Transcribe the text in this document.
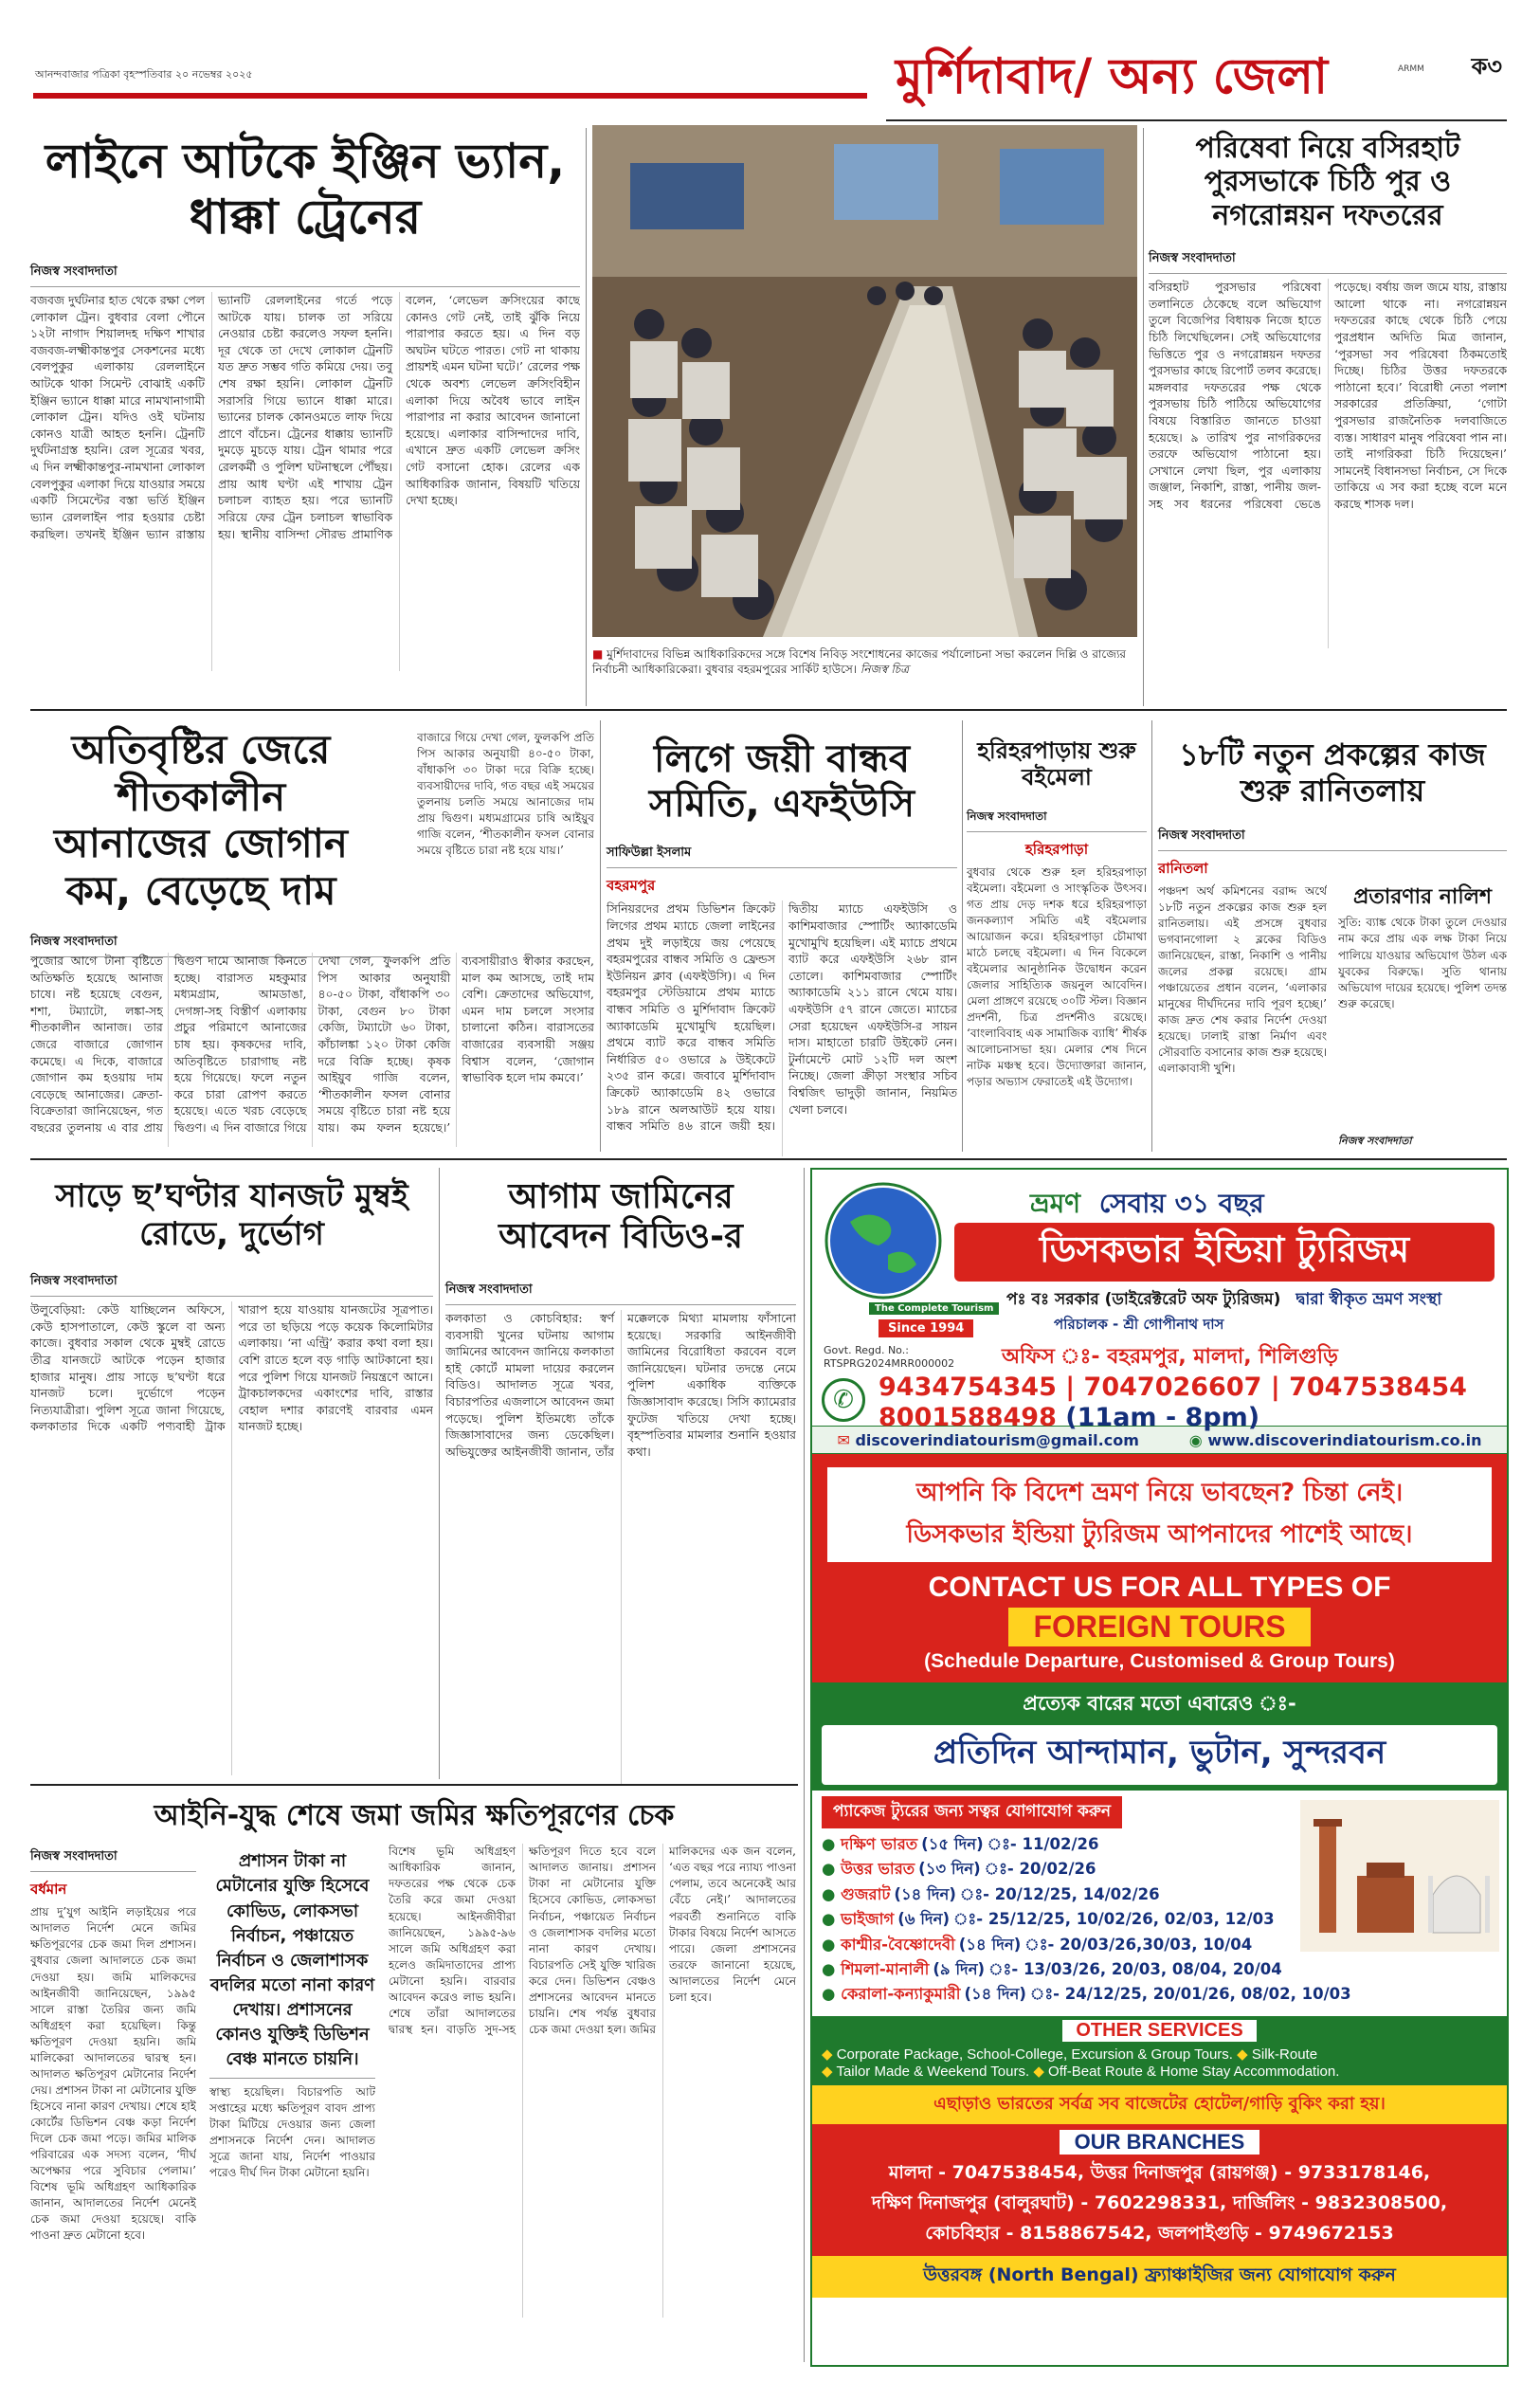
আনন্দবাজার পত্রিকা বৃহস্পতিবার ২০ নভেম্বর ২০২৫	মুর্শিদাবাদ/ অন্য জেলা	ARMM ক৩
লাইনে আটকে ইঞ্জিন ভ্যান, ধাক্কা ট্রেনের
নিজস্ব সংবাদদাতা
বজবজ দুর্ঘটনার হাত থেকে রক্ষা পেল লোকাল ট্রেন। বুধবার বেলা পৌনে ১২টা নাগাদ শিয়ালদহ দক্ষিণ শাখার বজবজ-লক্ষ্মীকান্তপুর সেকশনের মধ্যে বেলপুকুর এলাকায় রেললাইনে আটকে থাকা সিমেন্ট বোঝাই একটি ইঞ্জিন ভ্যানে ধাক্কা মারে নামখানাগামী লোকাল ট্রেন। যদিও ওই ঘটনায় কোনও যাত্রী আহত হননি। ট্রেনটি দুর্ঘটনাগ্রস্ত হয়নি। রেল সূত্রের খবর, এ দিন লক্ষ্মীকান্তপুর-নামখানা লোকাল বেলপুকুর এলাকা দিয়ে যাওয়ার সময়ে একটি সিমেন্টের বস্তা ভর্তি ইঞ্জিন ভ্যান রেললাইন পার হওয়ার চেষ্টা করছিল। তখনই ইঞ্জিন ভ্যান রাস্তায় ভ্যানটি রেললাইনের গর্তে পড়ে আটকে যায়। চালক তা সরিয়ে নেওয়ার চেষ্টা করলেও সফল হননি। দূর থেকে তা দেখে লোকাল ট্রেনটি যত দ্রুত সম্ভব গতি কমিয়ে দেয়। তবু শেষ রক্ষা হয়নি। লোকাল ট্রেনটি সরাসরি গিয়ে ভ্যানে ধাক্কা মারে। ভ্যানের চালক কোনওমতে লাফ দিয়ে প্রাণে বাঁচেন। ট্রেনের ধাক্কায় ভ্যানটি দুমড়ে মুচড়ে যায়। ট্রেন থামার পরে রেলকর্মী ও পুলিশ ঘটনাস্থলে পৌঁছয়। প্রায় আধ ঘণ্টা এই শাখায় ট্রেন চলাচল ব্যাহত হয়। পরে ভ্যানটি সরিয়ে ফের ট্রেন চলাচল স্বাভাবিক হয়। স্থানীয় বাসিন্দা সৌরভ প্রামাণিক বলেন, ‘লেভেল ক্রসিংয়ের কাছে কোনও গেট নেই, তাই ঝুঁকি নিয়ে পারাপার করতে হয়। এ দিন বড় অঘটন ঘটতে পারত। গেট না থাকায় প্রায়শই এমন ঘটনা ঘটে।’ রেলের পক্ষ থেকে অবশ্য লেভেল ক্রসিংবিহীন এলাকা দিয়ে অবৈধ ভাবে লাইন পারাপার না করার আবেদন জানানো হয়েছে। এলাকার বাসিন্দাদের দাবি, এখানে দ্রুত একটি লেভেল ক্রসিং গেট বসানো হোক। রেলের এক আধিকারিক জানান, বিষয়টি খতিয়ে দেখা হচ্ছে।
■ মুর্শিদাবাদের বিভিন্ন আধিকারিকদের সঙ্গে বিশেষ নিবিড় সংশোধনের কাজের পর্যালোচনা সভা করলেন দিল্লি ও রাজ্যের নির্বাচনী আধিকারিকেরা। বুধবার বহরমপুরের সার্কিট হাউসে। নিজস্ব চিত্র
পরিষেবা নিয়ে বসিরহাট পুরসভাকে চিঠি পুর ও নগরোন্নয়ন দফতরের
নিজস্ব সংবাদদাতা
বসিরহাট পুরসভার পরিষেবা তলানিতে ঠেকেছে বলে অভিযোগ তুলে বিজেপির বিধায়ক নিজে হাতে চিঠি লিখেছিলেন। সেই অভিযোগের ভিত্তিতে পুর ও নগরোন্নয়ন দফতর পুরসভার কাছে রিপোর্ট তলব করেছে। মঙ্গলবার দফতরের পক্ষ থেকে পুরসভায় চিঠি পাঠিয়ে অভিযোগের বিষয়ে বিস্তারিত জানতে চাওয়া হয়েছে। ৯ তারিখ পুর নাগরিকদের তরফে অভিযোগ পাঠানো হয়। সেখানে লেখা ছিল, পুর এলাকায় জঞ্জাল, নিকাশি, রাস্তা, পানীয় জল-সহ সব ধরনের পরিষেবা ভেঙে পড়েছে। বর্ষায় জল জমে যায়, রাস্তায় আলো থাকে না। নগরোন্নয়ন দফতরের কাছে থেকে চিঠি পেয়ে পুরপ্রধান অদিতি মিত্র জানান, ‘পুরসভা সব পরিষেবা ঠিকমতোই দিচ্ছে। চিঠির উত্তর দফতরকে পাঠানো হবে।’ বিরোধী নেতা পলাশ সরকারের প্রতিক্রিয়া, ‘গোটা পুরসভার রাজনৈতিক দলবাজিতে ব্যস্ত। সাধারণ মানুষ পরিষেবা পান না। তাই নাগরিকরা চিঠি দিয়েছেন।’ সামনেই বিধানসভা নির্বাচন, সে দিকে তাকিয়ে এ সব করা হচ্ছে বলে মনে করছে শাসক দল।
অতিবৃষ্টির জেরে শীতকালীন আনাজের জোগান কম, বেড়েছে দাম
নিজস্ব সংবাদদাতা
পুজোর আগে টানা বৃষ্টিতে অতিক্ষতি হয়েছে আনাজ চাষে। নষ্ট হয়েছে বেগুন, শশা, টম্যাটো, লঙ্কা-সহ শীতকালীন আনাজ। তার জেরে বাজারে জোগান কমেছে। এ দিকে, বাজারে জোগান কম হওয়ায় দাম বেড়েছে আনাজের। ক্রেতা-বিক্রেতারা জানিয়েছেন, গত বছরের তুলনায় এ বার প্রায় দ্বিগুণ দামে আনাজ কিনতে হচ্ছে। বারাসত মহকুমার মধ্যমগ্রাম, আমডাঙা, দেগঙ্গা-সহ বিস্তীর্ণ এলাকায় প্রচুর পরিমাণে আনাজের চাষ হয়। কৃষকদের দাবি, অতিবৃষ্টিতে চারাগাছ নষ্ট হয়ে গিয়েছে। ফলে নতুন করে চারা রোপণ করতে হয়েছে। এতে খরচ বেড়েছে দ্বিগুণ। এ দিন বাজারে গিয়ে দেখা গেল, ফুলকপি প্রতি পিস আকার অনুযায়ী ৪০-৫০ টাকা, বাঁধাকপি ৩০ টাকা, বেগুন ৮০ টাকা কেজি, টম্যাটো ৬০ টাকা, কাঁচালঙ্কা ১২০ টাকা কেজি দরে বিক্রি হচ্ছে। কৃষক আইয়ুব গাজি বলেন, ‘শীতকালীন ফসল বোনার সময়ে বৃষ্টিতে চারা নষ্ট হয়ে যায়। কম ফলন হয়েছে।’ ব্যবসায়ীরাও স্বীকার করছেন, মাল কম আসছে, তাই দাম বেশি। ক্রেতাদের অভিযোগ, এমন দাম চললে সংসার চালানো কঠিন। বারাসতের বাজারের ব্যবসায়ী সঞ্জয় বিশ্বাস বলেন, ‘জোগান স্বাভাবিক হলে দাম কমবে।’
বাজারে গিয়ে দেখা গেল, ফুলকপি প্রতি পিস আকার অনুযায়ী ৪০-৫০ টাকা, বাঁধাকপি ৩০ টাকা দরে বিক্রি হচ্ছে। ব্যবসায়ীদের দাবি, গত বছর এই সময়ের তুলনায় চলতি সময়ে আনাজের দাম প্রায় দ্বিগুণ। মধ্যমগ্রামের চাষি আইয়ুব গাজি বলেন, ‘শীতকালীন ফসল বোনার সময়ে বৃষ্টিতে চারা নষ্ট হয়ে যায়।’
লিগে জয়ী বান্ধব সমিতি, এফইউসি
সাফিউল্লা ইসলাম
বহরমপুর
সিনিয়রদের প্রথম ডিভিশন ক্রিকেট লিগের প্রথম ম্যাচে জেলা লাইনের প্রথম দুই লড়াইয়ে জয় পেয়েছে বহরমপুরের বান্ধব সমিতি ও ফ্রেন্ডস ইউনিয়ন ক্লাব (এফইউসি)। এ দিন বহরমপুর স্টেডিয়ামে প্রথম ম্যাচে বান্ধব সমিতি ও মুর্শিদাবাদ ক্রিকেট অ্যাকাডেমি মুখোমুখি হয়েছিল। প্রথমে ব্যাট করে বান্ধব সমিতি নির্ধারিত ৫০ ওভারে ৯ উইকেটে ২৩৫ রান করে। জবাবে মুর্শিদাবাদ ক্রিকেট অ্যাকাডেমি ৪২ ওভারে ১৮৯ রানে অলআউট হয়ে যায়। বান্ধব সমিতি ৪৬ রানে জয়ী হয়। দ্বিতীয় ম্যাচে এফইউসি ও কাশিমবাজার স্পোর্টিং অ্যাকাডেমি মুখোমুখি হয়েছিল। এই ম্যাচে প্রথমে ব্যাট করে এফইউসি ২৬৮ রান তোলে। কাশিমবাজার স্পোর্টিং অ্যাকাডেমি ২১১ রানে থেমে যায়। এফইউসি ৫৭ রানে জেতে। ম্যাচের সেরা হয়েছেন এফইউসি-র সায়ন দাস। মাহাতো চারটি উইকেট নেন। টুর্নামেন্টে মোট ১২টি দল অংশ নিচ্ছে। জেলা ক্রীড়া সংস্থার সচিব বিশ্বজিৎ ভাদুড়ী জানান, নিয়মিত খেলা চলবে।
হরিহরপাড়ায় শুরু বইমেলা
নিজস্ব সংবাদদাতা
হরিহরপাড়া
বুধবার থেকে শুরু হল হরিহরপাড়া বইমেলা। বইমেলা ও সাংস্কৃতিক উৎসব। গত প্রায় দেড় দশক ধরে হরিহরপাড়া জনকল্যাণ সমিতি এই বইমেলার আয়োজন করে। হরিহরপাড়া চৌমাথা মাঠে চলছে বইমেলা। এ দিন বিকেলে বইমেলার আনুষ্ঠানিক উদ্বোধন করেন জেলার সাহিত্যিক জয়নুল আবেদিন। মেলা প্রাঙ্গণে রয়েছে ৩০টি স্টল। বিজ্ঞান প্রদর্শনী, চিত্র প্রদর্শনীও রয়েছে। ‘বাংলাবিবাহ এক সামাজিক ব্যাধি’ শীর্ষক আলোচনাসভা হয়। মেলার শেষ দিনে নাটক মঞ্চস্থ হবে। উদ্যোক্তারা জানান, পড়ার অভ্যাস ফেরাতেই এই উদ্যোগ।
১৮টি নতুন প্রকল্পের কাজ শুরু রানিতলায়
নিজস্ব সংবাদদাতা
রানিতলা
পঞ্চদশ অর্থ কমিশনের বরাদ্দ অর্থে ১৮টি নতুন প্রকল্পের কাজ শুরু হল রানিতলায়। এই প্রসঙ্গে বুধবার ভগবানগোলা ২ ব্লকের বিডিও জানিয়েছেন, রাস্তা, নিকাশি ও পানীয় জলের প্রকল্প রয়েছে। গ্রাম পঞ্চায়েতের প্রধান বলেন, ‘এলাকার মানুষের দীর্ঘদিনের দাবি পূরণ হচ্ছে।’ কাজ দ্রুত শেষ করার নির্দেশ দেওয়া হয়েছে। ঢালাই রাস্তা নির্মাণ এবং সৌরবাতি বসানোর কাজ শুরু হয়েছে। এলাকাবাসী খুশি।
প্রতারণার নালিশ
সুতি: ব্যাঙ্ক থেকে টাকা তুলে দেওয়ার নাম করে প্রায় এক লক্ষ টাকা নিয়ে পালিয়ে যাওয়ার অভিযোগ উঠল এক যুবকের বিরুদ্ধে। সুতি থানায় অভিযোগ দায়ের হয়েছে। পুলিশ তদন্ত শুরু করেছে।
নিজস্ব সংবাদদাতা
সাড়ে ছ’ঘণ্টার যানজট মুম্বই রোডে, দুর্ভোগ
নিজস্ব সংবাদদাতা
উলুবেড়িয়া: কেউ যাচ্ছিলেন অফিসে, কেউ হাসপাতালে, কেউ স্কুলে বা অন্য কাজে। বুধবার সকাল থেকে মুম্বই রোডে তীব্র যানজটে আটকে পড়েন হাজার হাজার মানুষ। প্রায় সাড়ে ছ’ঘণ্টা ধরে যানজট চলে। দুর্ভোগে পড়েন নিত্যযাত্রীরা। পুলিশ সূত্রে জানা গিয়েছে, কলকাতার দিকে একটি পণ্যবাহী ট্রাক খারাপ হয়ে যাওয়ায় যানজটের সূত্রপাত। পরে তা ছড়িয়ে পড়ে কয়েক কিলোমিটার এলাকায়। ‘না এন্ট্রি’ করার কথা বলা হয়। বেশি রাতে হলে বড় গাড়ি আটকানো হয়। পরে পুলিশ গিয়ে যানজট নিয়ন্ত্রণে আনে। ট্রাকচালকদের একাংশের দাবি, রাস্তার বেহাল দশার কারণেই বারবার এমন যানজট হচ্ছে।
আগাম জামিনের আবেদন বিডিও-র
নিজস্ব সংবাদদাতা
কলকাতা ও কোচবিহার: স্বর্ণ ব্যবসায়ী খুনের ঘটনায় আগাম জামিনের আবেদন জানিয়ে কলকাতা হাই কোর্টে মামলা দায়ের করলেন বিডিও। আদালত সূত্রে খবর, বিচারপতির এজলাসে আবেদন জমা পড়েছে। পুলিশ ইতিমধ্যে তাঁকে জিজ্ঞাসাবাদের জন্য ডেকেছিল। অভিযুক্তের আইনজীবী জানান, তাঁর মক্কেলকে মিথ্যা মামলায় ফাঁসানো হয়েছে। সরকারি আইনজীবী জামিনের বিরোধিতা করবেন বলে জানিয়েছেন। ঘটনার তদন্তে নেমে পুলিশ একাধিক ব্যক্তিকে জিজ্ঞাসাবাদ করেছে। সিসি ক্যামেরার ফুটেজ খতিয়ে দেখা হচ্ছে। বৃহস্পতিবার মামলার শুনানি হওয়ার কথা।
আইনি-যুদ্ধ শেষে জমা জমির ক্ষতিপূরণের চেক
নিজস্ব সংবাদদাতা
বর্ধমান
প্রায় দু’যুগ আইনি লড়াইয়ের পরে আদালত নির্দেশ মেনে জমির ক্ষতিপূরণের চেক জমা দিল প্রশাসন। বুধবার জেলা আদালতে চেক জমা দেওয়া হয়। জমি মালিকদের আইনজীবী জানিয়েছেন, ১৯৯৫ সালে রাস্তা তৈরির জন্য জমি অধিগ্রহণ করা হয়েছিল। কিন্তু ক্ষতিপূরণ দেওয়া হয়নি। জমি মালিকেরা আদালতের দ্বারস্থ হন। আদালত ক্ষতিপূরণ মেটানোর নির্দেশ দেয়। প্রশাসন টাকা না মেটানোর যুক্তি হিসেবে নানা কারণ দেখায়। শেষে হাই কোর্টের ডিভিশন বেঞ্চ কড়া নির্দেশ দিলে চেক জমা পড়ে। জমির মালিক পরিবারের এক সদস্য বলেন, ‘দীর্ঘ অপেক্ষার পরে সুবিচার পেলাম।’ বিশেষ ভূমি অধিগ্রহণ আধিকারিক জানান, আদালতের নির্দেশ মেনেই চেক জমা দেওয়া হয়েছে। বাকি পাওনা দ্রুত মেটানো হবে।
প্রশাসন টাকা না মেটানোর যুক্তি হিসেবে কোভিড, লোকসভা নির্বাচন, পঞ্চায়েত নির্বাচন ও জেলাশাসক বদলির মতো নানা কারণ দেখায়। প্রশাসনের কোনও যুক্তিই ডিভিশন বেঞ্চ মানতে চায়নি।
স্বাস্থ্য হয়েছিল। বিচারপতি আট সপ্তাহের মধ্যে ক্ষতিপূরণ বাবদ প্রাপ্য টাকা মিটিয়ে দেওয়ার জন্য জেলা প্রশাসনকে নির্দেশ দেন। আদালত সূত্রে জানা যায়, নির্দেশ পাওয়ার পরেও দীর্ঘ দিন টাকা মেটানো হয়নি।
বিশেষ ভূমি অধিগ্রহণ আধিকারিক জানান, দফতরের পক্ষ থেকে চেক তৈরি করে জমা দেওয়া হয়েছে। আইনজীবীরা জানিয়েছেন, ১৯৯৫-৯৬ সালে জমি অধিগ্রহণ করা হলেও জমিদাতাদের প্রাপ্য মেটানো হয়নি। বারবার আবেদন করেও লাভ হয়নি। শেষে তাঁরা আদালতের দ্বারস্থ হন। বাড়তি সুদ-সহ ক্ষতিপূরণ দিতে হবে বলে আদালত জানায়। প্রশাসন টাকা না মেটানোর যুক্তি হিসেবে কোভিড, লোকসভা নির্বাচন, পঞ্চায়েত নির্বাচন ও জেলাশাসক বদলির মতো নানা কারণ দেখায়। বিচারপতি সেই যুক্তি খারিজ করে দেন। ডিভিশন বেঞ্চও প্রশাসনের আবেদন মানতে চায়নি। শেষ পর্যন্ত বুধবার চেক জমা দেওয়া হল। জমির মালিকদের এক জন বলেন, ‘এত বছর পরে ন্যায্য পাওনা পেলাম, তবে অনেকেই আর বেঁচে নেই।’ আদালতের পরবর্তী শুনানিতে বাকি টাকার বিষয়ে নির্দেশ আসতে পারে। জেলা প্রশাসনের তরফে জানানো হয়েছে, আদালতের নির্দেশ মেনে চলা হবে।
ভ্রমণ সেবায় ৩১ বছর
ডিসকভার ইন্ডিয়া ট্যুরিজম
The Complete Tourism
Since 1994
পঃ বঃ সরকার (ডাইরেক্টরেট অফ ট্যুরিজম) দ্বারা স্বীকৃত ভ্রমণ সংস্থা
পরিচালক - শ্রী গোপীনাথ দাস
Govt. Regd. No.: RTSPRG2024MRR000002 অফিস ঃ- বহরমপুর, মালদা, শিলিগুড়ি
✆ 9434754345 | 7047026607 | 7047538454
8001588498 (11am - 8pm)
✉ discoverindiatourism@gmail.com	◉ www.discoverindiatourism.co.in
আপনি কি বিদেশ ভ্রমণ নিয়ে ভাবছেন? চিন্তা নেই।
ডিসকভার ইন্ডিয়া ট্যুরিজম আপনাদের পাশেই আছে।
CONTACT US FOR ALL TYPES OF
FOREIGN TOURS
(Schedule Departure, Customised & Group Tours)
প্রত্যেক বারের মতো এবারেও ঃ-
প্রতিদিন আন্দামান, ভুটান, সুন্দরবন
প্যাকেজ ট্যুরের জন্য সত্বর যোগাযোগ করুন
● দক্ষিণ ভারত (১৫ দিন) ঃ- 11/02/26
● উত্তর ভারত (১৩ দিন) ঃ- 20/02/26
● গুজরাট (১৪ দিন) ঃ- 20/12/25, 14/02/26
● ভাইজাগ (৬ দিন) ঃ- 25/12/25, 10/02/26, 02/03, 12/03
● কাশ্মীর-বৈষ্ণোদেবী (১৪ দিন) ঃ- 20/03/26,30/03, 10/04
● শিমলা-মানালী (৯ দিন) ঃ- 13/03/26, 20/03, 08/04, 20/04
● কেরালা-কন্যাকুমারী (১৪ দিন) ঃ- 24/12/25, 20/01/26, 08/02, 10/03
OTHER SERVICES
◆ Corporate Package, School-College, Excursion & Group Tours. ◆ Silk-Route
◆ Tailor Made & Weekend Tours. ◆ Off-Beat Route & Home Stay Accommodation.
এছাড়াও ভারতের সর্বত্র সব বাজেটের হোটেল/গাড়ি বুকিং করা হয়।
OUR BRANCHES
মালদা - 7047538454, উত্তর দিনাজপুর (রায়গঞ্জ) - 9733178146,
দক্ষিণ দিনাজপুর (বালুরঘাট) - 7602298331, দার্জিলিং - 9832308500,
কোচবিহার - 8158867542, জলপাইগুড়ি - 9749672153
উত্তরবঙ্গ (North Bengal) ফ্র্যাঞ্চাইজির জন্য যোগাযোগ করুন
